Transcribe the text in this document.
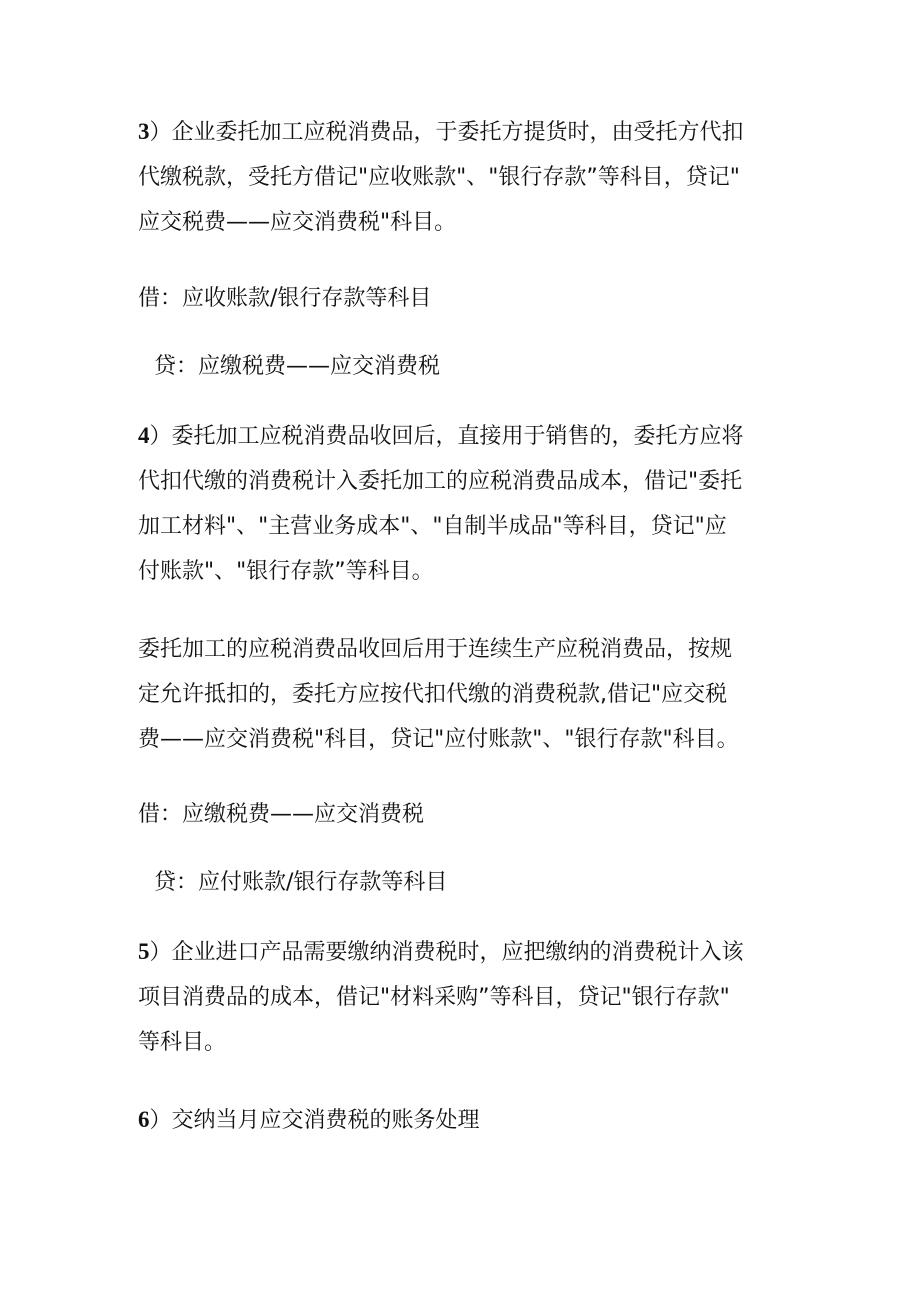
3）企业委托加工应税消费品，于委托方提货时，由受托方代扣
代缴税款，受托方借记"应收账款"、"银行存款”等科目，贷记"
应交税费——应交消费税"科目。

借：应收账款/银行存款等科目

贷：应缴税费——应交消费税

4）委托加工应税消费品收回后，直接用于销售的，委托方应将
代扣代缴的消费税计入委托加工的应税消费品成本，借记"委托
加工材料"、"主营业务成本"、"自制半成品"等科目，贷记"应
付账款"、"银行存款”等科目。

委托加工的应税消费品收回后用于连续生产应税消费品，按规
定允许抵扣的，委托方应按代扣代缴的消费税款,借记"应交税
费——应交消费税"科目，贷记"应付账款"、"银行存款"科目。

借：应缴税费——应交消费税

贷：应付账款/银行存款等科目

5）企业进口产品需要缴纳消费税时，应把缴纳的消费税计入该
项目消费品的成本，借记"材料采购”等科目，贷记"银行存款"
等科目。

6）交纳当月应交消费税的账务处理
